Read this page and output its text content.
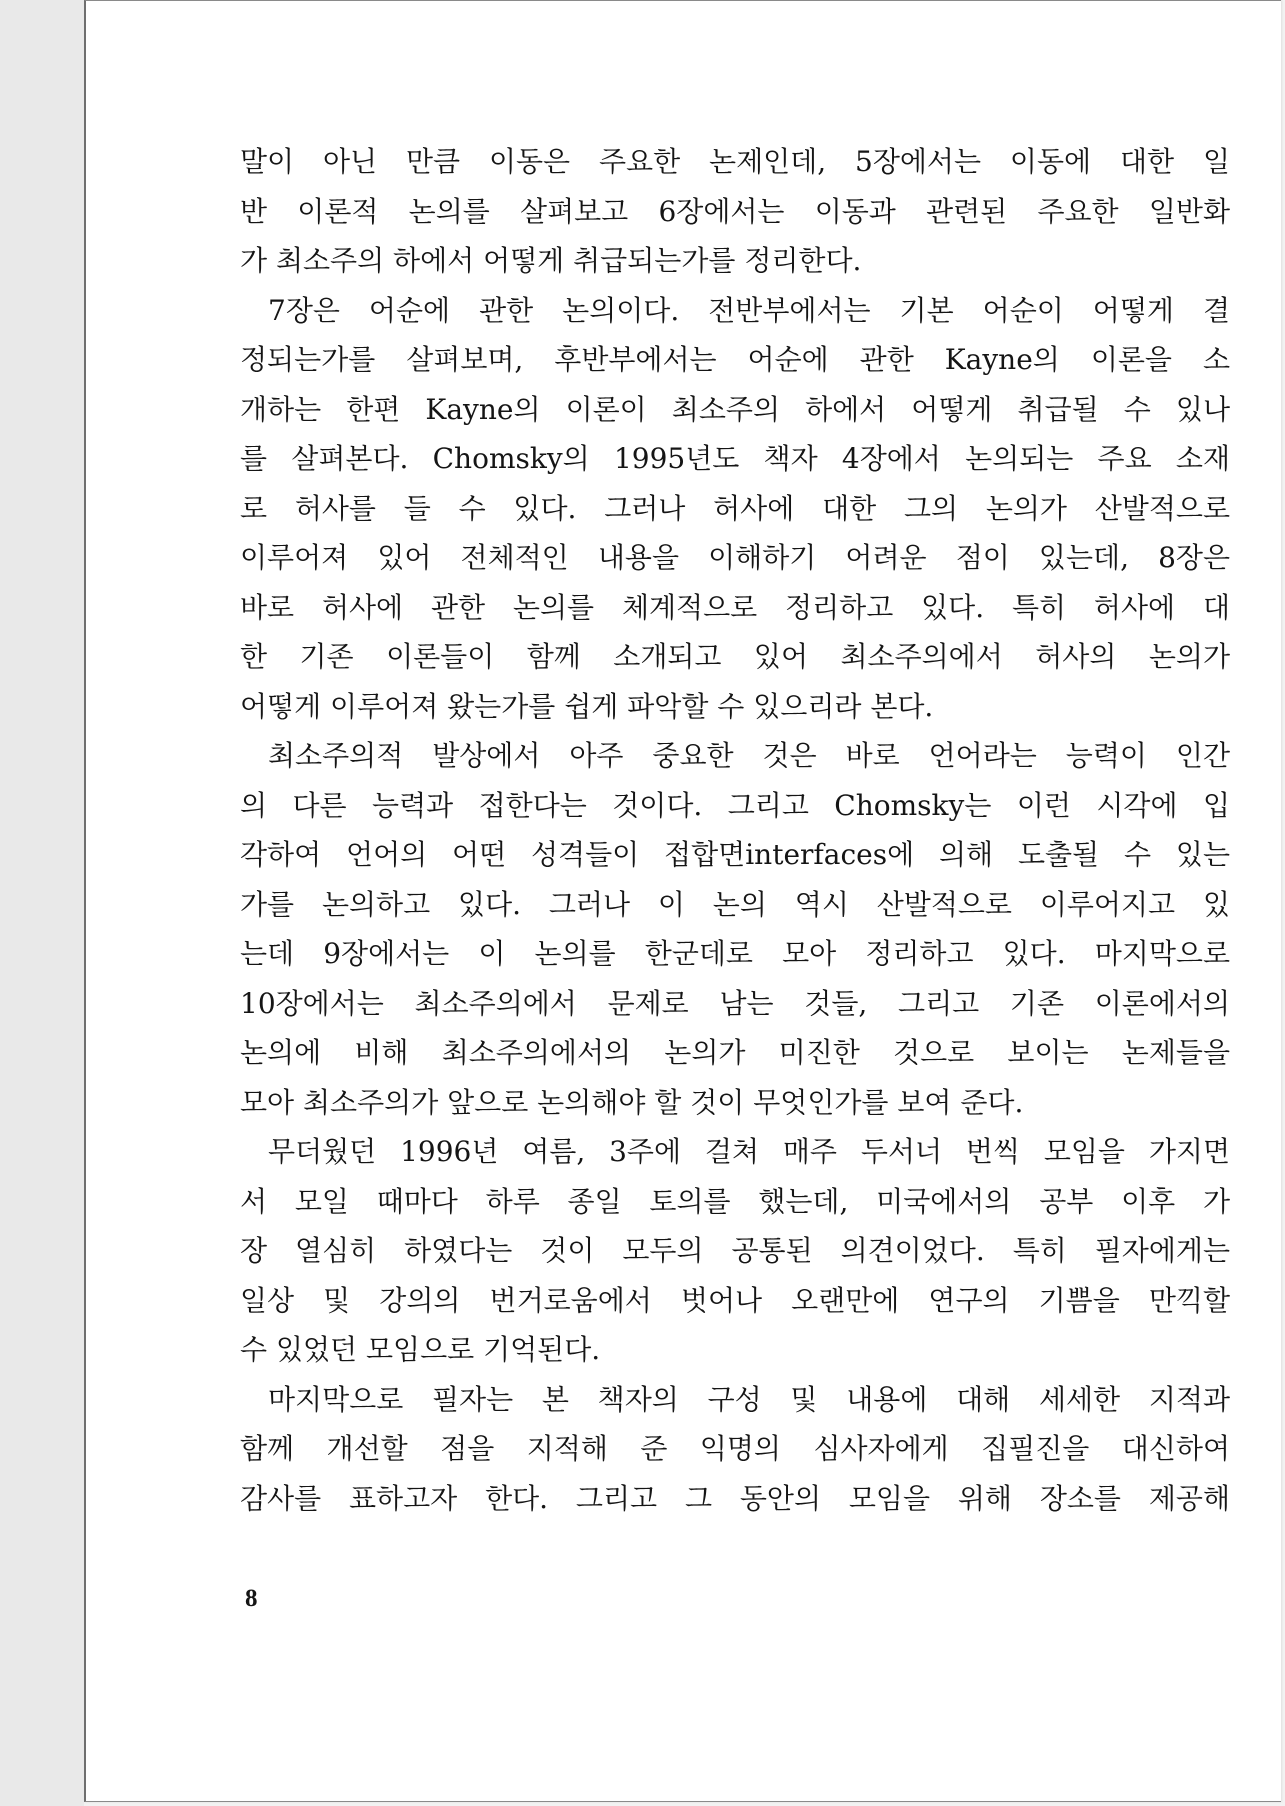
말이 아닌 만큼 이동은 주요한 논제인데, 5장에서는 이동에 대한 일
반 이론적 논의를 살펴보고 6장에서는 이동과 관련된 주요한 일반화
가 최소주의 하에서 어떻게 취급되는가를 정리한다.
7장은 어순에 관한 논의이다. 전반부에서는 기본 어순이 어떻게 결
정되는가를 살펴보며, 후반부에서는 어순에 관한 Kayne의 이론을 소
개하는 한편 Kayne의 이론이 최소주의 하에서 어떻게 취급될 수 있나
를 살펴본다. Chomsky의 1995년도 책자 4장에서 논의되는 주요 소재
로 허사를 들 수 있다. 그러나 허사에 대한 그의 논의가 산발적으로
이루어져 있어 전체적인 내용을 이해하기 어려운 점이 있는데, 8장은
바로 허사에 관한 논의를 체계적으로 정리하고 있다. 특히 허사에 대
한 기존 이론들이 함께 소개되고 있어 최소주의에서 허사의 논의가
어떻게 이루어져 왔는가를 쉽게 파악할 수 있으리라 본다.
최소주의적 발상에서 아주 중요한 것은 바로 언어라는 능력이 인간
의 다른 능력과 접한다는 것이다. 그리고 Chomsky는 이런 시각에 입
각하여 언어의 어떤 성격들이 접합면interfaces에 의해 도출될 수 있는
가를 논의하고 있다. 그러나 이 논의 역시 산발적으로 이루어지고 있
는데 9장에서는 이 논의를 한군데로 모아 정리하고 있다. 마지막으로
10장에서는 최소주의에서 문제로 남는 것들, 그리고 기존 이론에서의
논의에 비해 최소주의에서의 논의가 미진한 것으로 보이는 논제들을
모아 최소주의가 앞으로 논의해야 할 것이 무엇인가를 보여 준다.
무더웠던 1996년 여름, 3주에 걸쳐 매주 두서너 번씩 모임을 가지면
서 모일 때마다 하루 종일 토의를 했는데, 미국에서의 공부 이후 가
장 열심히 하였다는 것이 모두의 공통된 의견이었다. 특히 필자에게는
일상 및 강의의 번거로움에서 벗어나 오랜만에 연구의 기쁨을 만끽할
수 있었던 모임으로 기억된다.
마지막으로 필자는 본 책자의 구성 및 내용에 대해 세세한 지적과
함께 개선할 점을 지적해 준 익명의 심사자에게 집필진을 대신하여
감사를 표하고자 한다. 그리고 그 동안의 모임을 위해 장소를 제공해
8
